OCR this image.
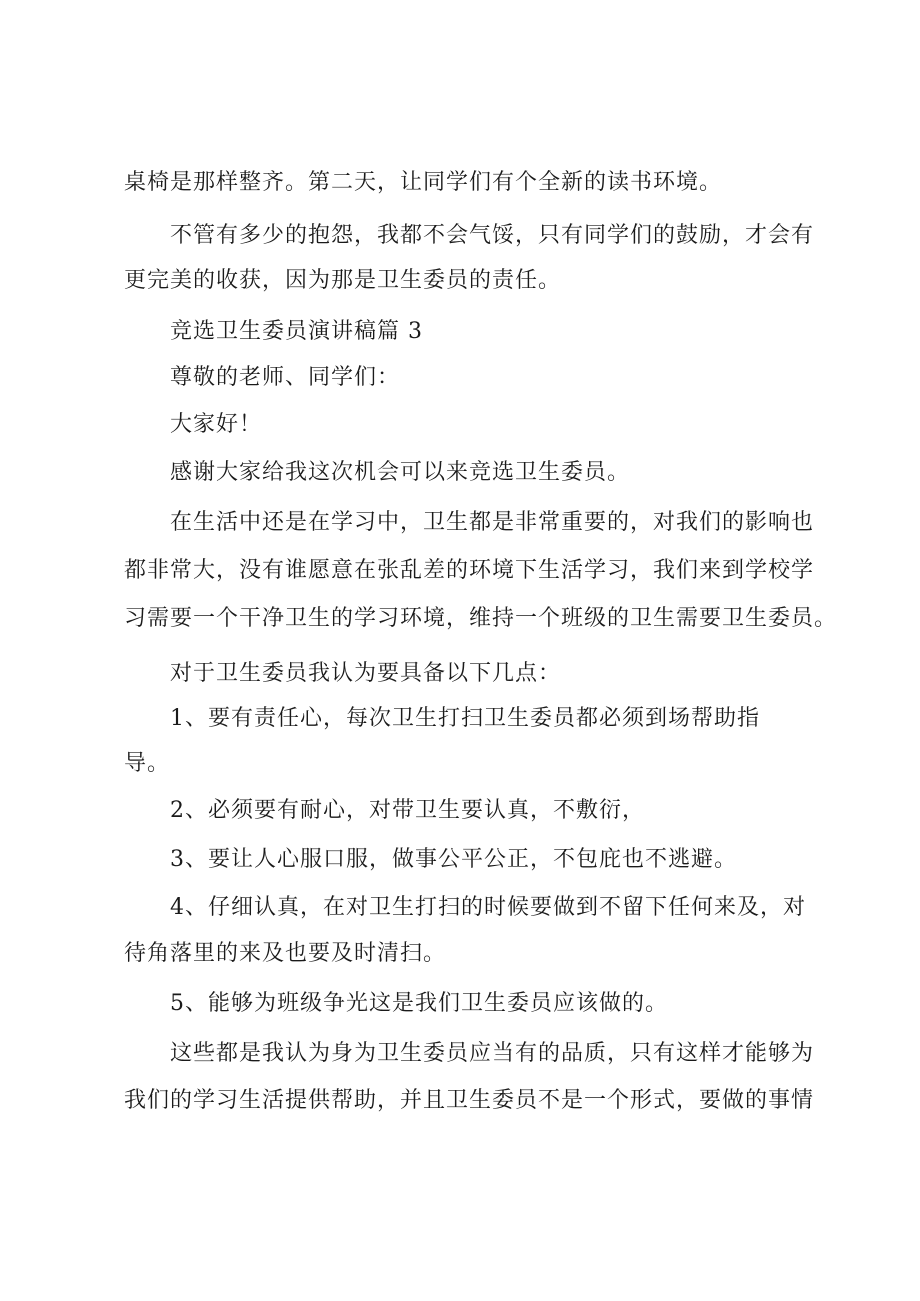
桌椅是那样整齐。第二天，让同学们有个全新的读书环境。
不管有多少的抱怨，我都不会气馁，只有同学们的鼓励，才会有
更完美的收获，因为那是卫生委员的责任。
竞选卫生委员演讲稿篇 3
尊敬的老师、同学们：
大家好！
感谢大家给我这次机会可以来竞选卫生委员。
在生活中还是在学习中，卫生都是非常重要的，对我们的影响也
都非常大，没有谁愿意在张乱差的环境下生活学习，我们来到学校学
习需要一个干净卫生的学习环境，维持一个班级的卫生需要卫生委员。
对于卫生委员我认为要具备以下几点：
1、要有责任心，每次卫生打扫卫生委员都必须到场帮助指
导。
2、必须要有耐心，对带卫生要认真，不敷衍，
3、要让人心服口服，做事公平公正，不包庇也不逃避。
4、仔细认真，在对卫生打扫的时候要做到不留下任何来及，对
待角落里的来及也要及时清扫。
5、能够为班级争光这是我们卫生委员应该做的。
这些都是我认为身为卫生委员应当有的品质，只有这样才能够为
我们的学习生活提供帮助，并且卫生委员不是一个形式，要做的事情
